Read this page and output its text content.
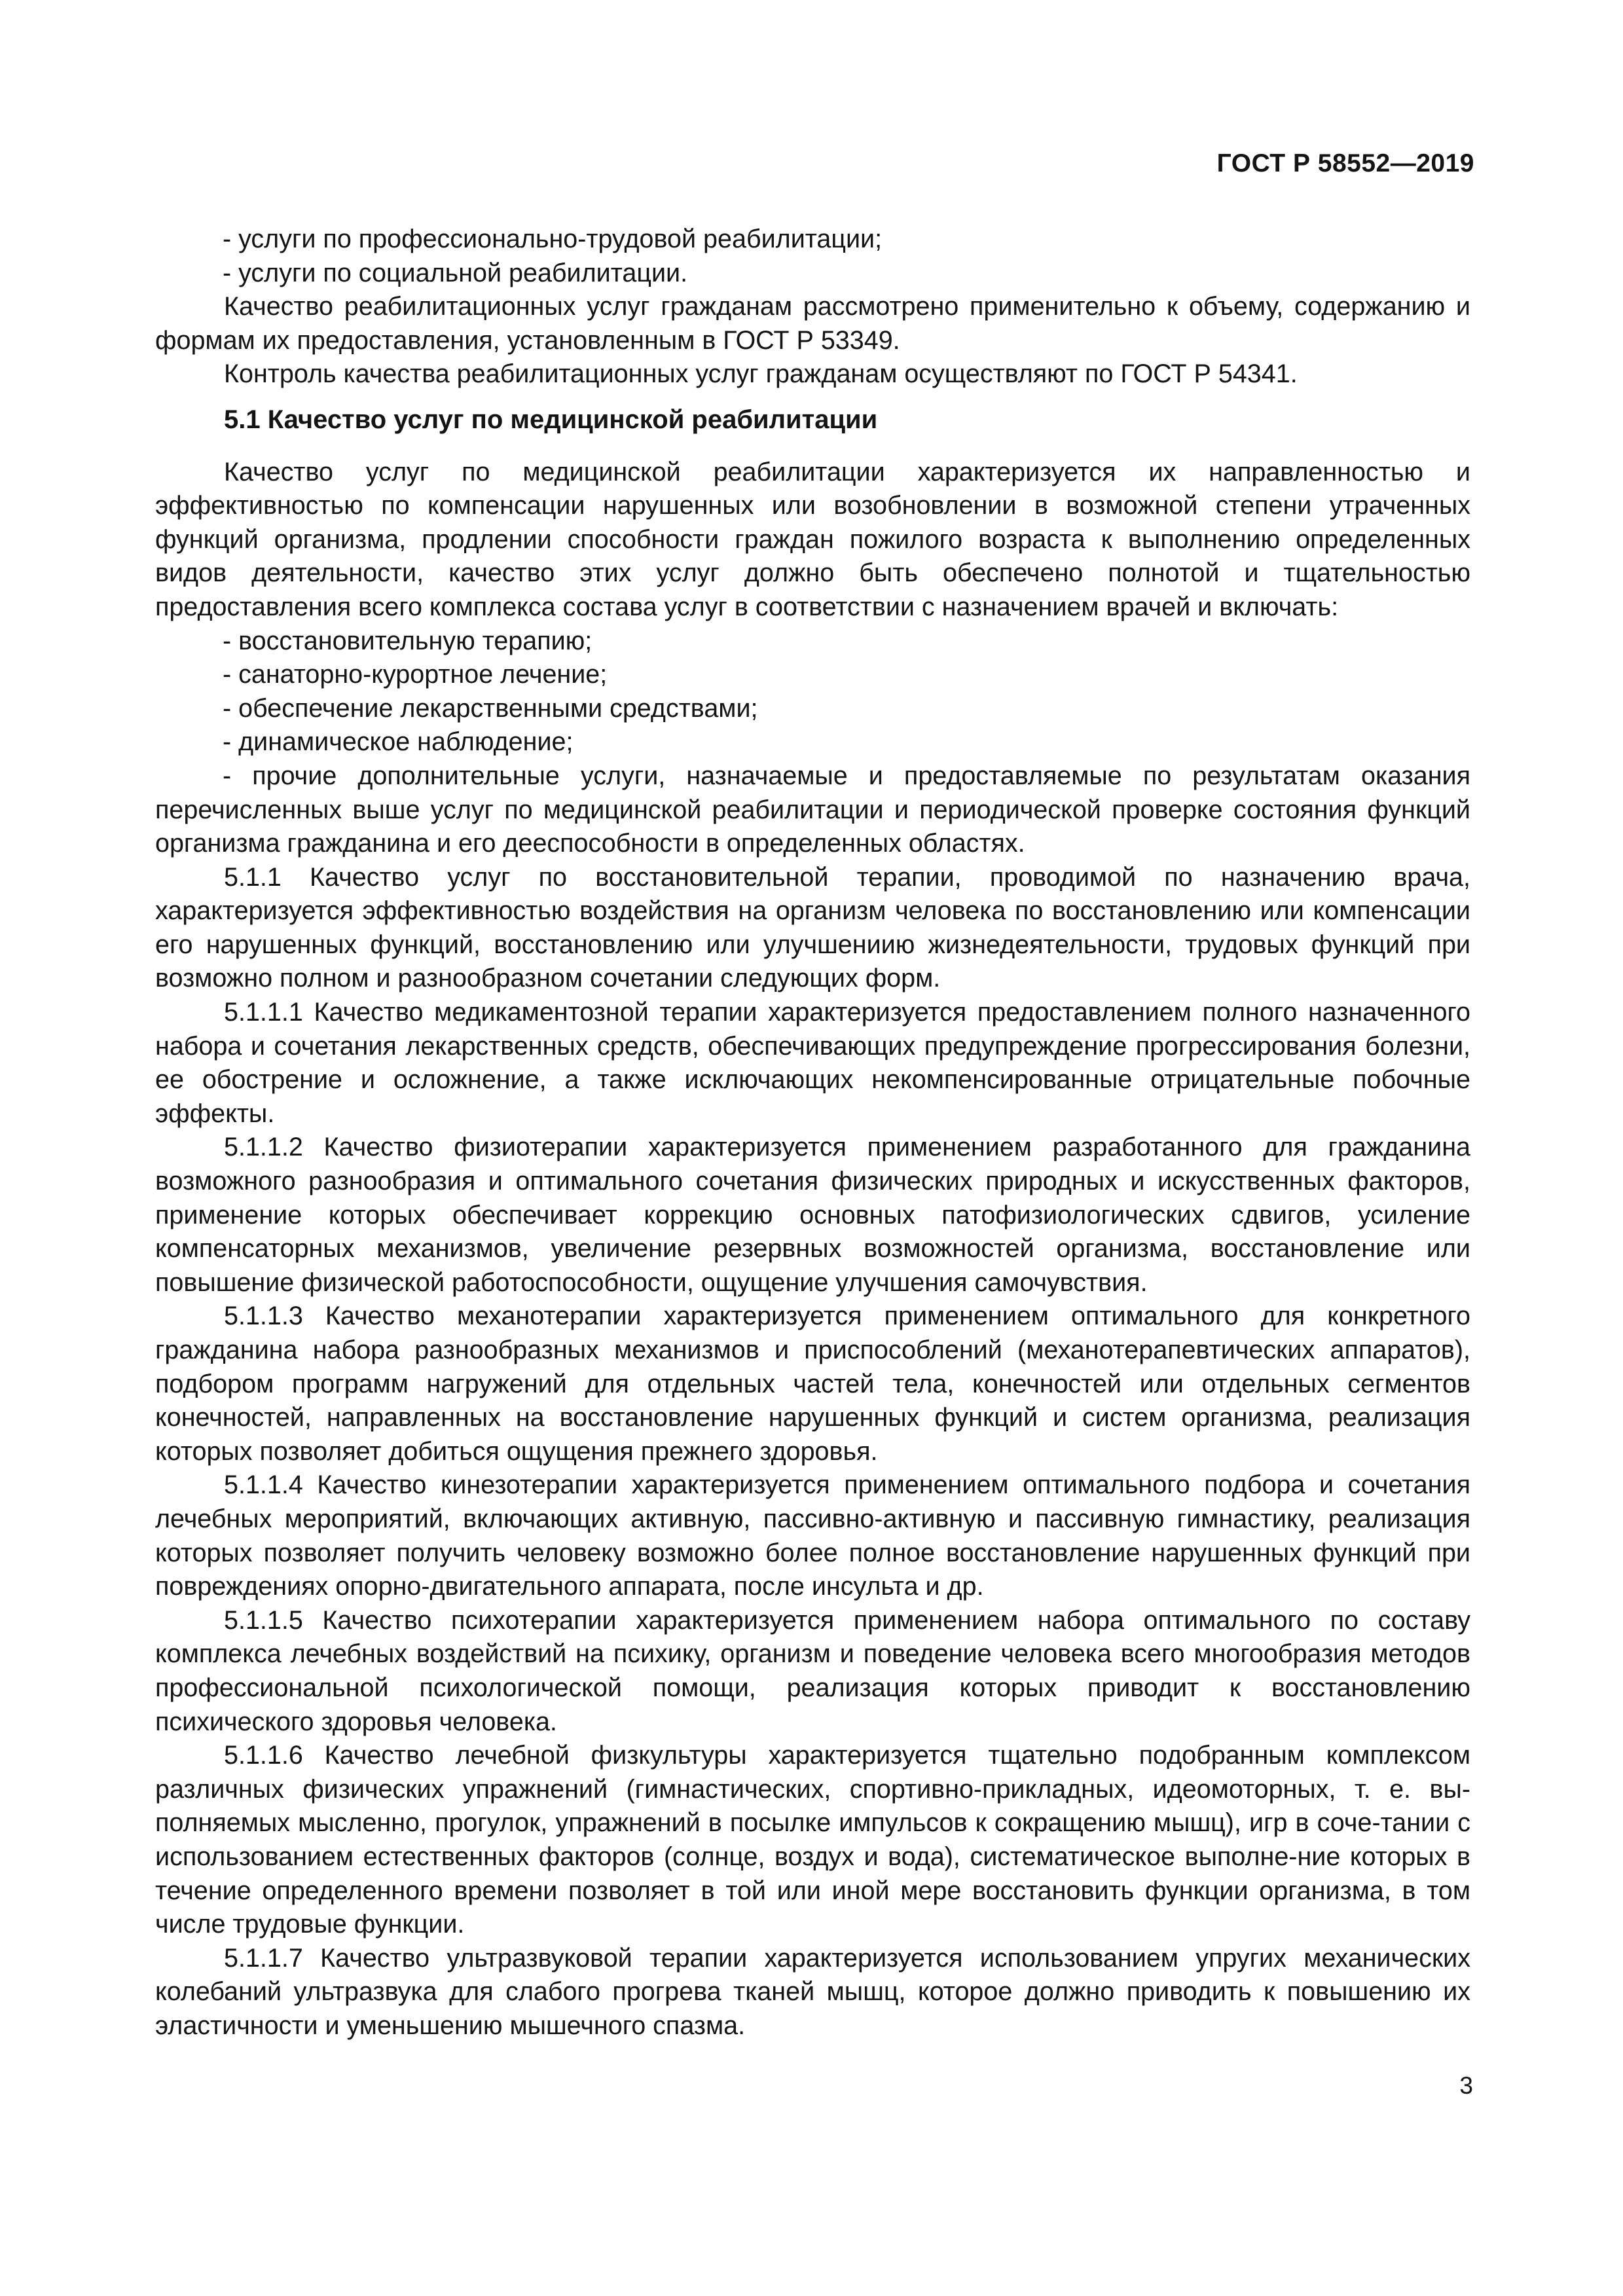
ГОСТ Р 58552—2019

- услуги по профессионально-трудовой реабилитации;

- услуги по социальной реабилитации.

Качество реабилитационных услуг гражданам рассмотрено применительно к объему, содержанию и формам их предоставления, установленным в ГОСТ Р 53349.

Контроль качества реабилитационных услуг гражданам осуществляют по ГОСТ Р 54341.

5.1 Качество услуг по медицинской реабилитации

Качество услуг по медицинской реабилитации характеризуется их направленностью и эффективностью по компенсации нарушенных или возобновлении в возможной степени утраченных функций организма, продлении способности граждан пожилого возраста к выполнению определенных видов деятельности, качество этих услуг должно быть обеспечено полнотой и тщательностью предоставления всего комплекса состава услуг в соответствии с назначением врачей и включать:

- восстановительную терапию;

- санаторно-курортное лечение;

- обеспечение лекарственными средствами;

- динамическое наблюдение;

- прочие дополнительные услуги, назначаемые и предоставляемые по результатам оказания перечисленных выше услуг по медицинской реабилитации и периодической проверке состояния функций организма гражданина и его дееспособности в определенных областях.

5.1.1 Качество услуг по восстановительной терапии, проводимой по назначению врача, характеризуется эффективностью воздействия на организм человека по восстановлению или компенсации его нарушенных функций, восстановлению или улучшениию жизнедеятельности, трудовых функций при возможно полном и разнообразном сочетании следующих форм.

5.1.1.1 Качество медикаментозной терапии характеризуется предоставлением полного назначенного набора и сочетания лекарственных средств, обеспечивающих предупреждение прогрессирования болезни, ее обострение и осложнение, а также исключающих некомпенсированные отрицательные побочные эффекты.

5.1.1.2 Качество физиотерапии характеризуется применением разработанного для гражданина возможного разнообразия и оптимального сочетания физических природных и искусственных факторов, применение которых обеспечивает коррекцию основных патофизиологических сдвигов, усиление компенсаторных механизмов, увеличение резервных возможностей организма, восстановление или повышение физической работоспособности, ощущение улучшения самочувствия.

5.1.1.3 Качество механотерапии характеризуется применением оптимального для конкретного гражданина набора разнообразных механизмов и приспособлений (механотерапевтических аппаратов), подбором программ нагружений для отдельных частей тела, конечностей или отдельных сегментов конечностей, направленных на восстановление нарушенных функций и систем организма, реализация которых позволяет добиться ощущения прежнего здоровья.

5.1.1.4 Качество кинезотерапии характеризуется применением оптимального подбора и сочетания лечебных мероприятий, включающих активную, пассивно-активную и пассивную гимнастику, реализация которых позволяет получить человеку возможно более полное восстановление нарушенных функций при повреждениях опорно-двигательного аппарата, после инсульта и др.

5.1.1.5 Качество психотерапии характеризуется применением набора оптимального по составу комплекса лечебных воздействий на психику, организм и поведение человека всего многообразия методов профессиональной психологической помощи, реализация которых приводит к восстановлению психического здоровья человека.

5.1.1.6 Качество лечебной физкультуры характеризуется тщательно подобранным комплексом различных физических упражнений (гимнастических, спортивно-прикладных, идеомоторных, т. е. вы-полняемых мысленно, прогулок, упражнений в посылке импульсов к сокращению мышц), игр в соче-тании с использованием естественных факторов (солнце, воздух и вода), систематическое выполне-ние которых в течение определенного времени позволяет в той или иной мере восстановить функции организма, в том числе трудовые функции.

5.1.1.7 Качество ультразвуковой терапии характеризуется использованием упругих механических колебаний ультразвука для слабого прогрева тканей мышц, которое должно приводить к повышению их эластичности и уменьшению мышечного спазма.

3
